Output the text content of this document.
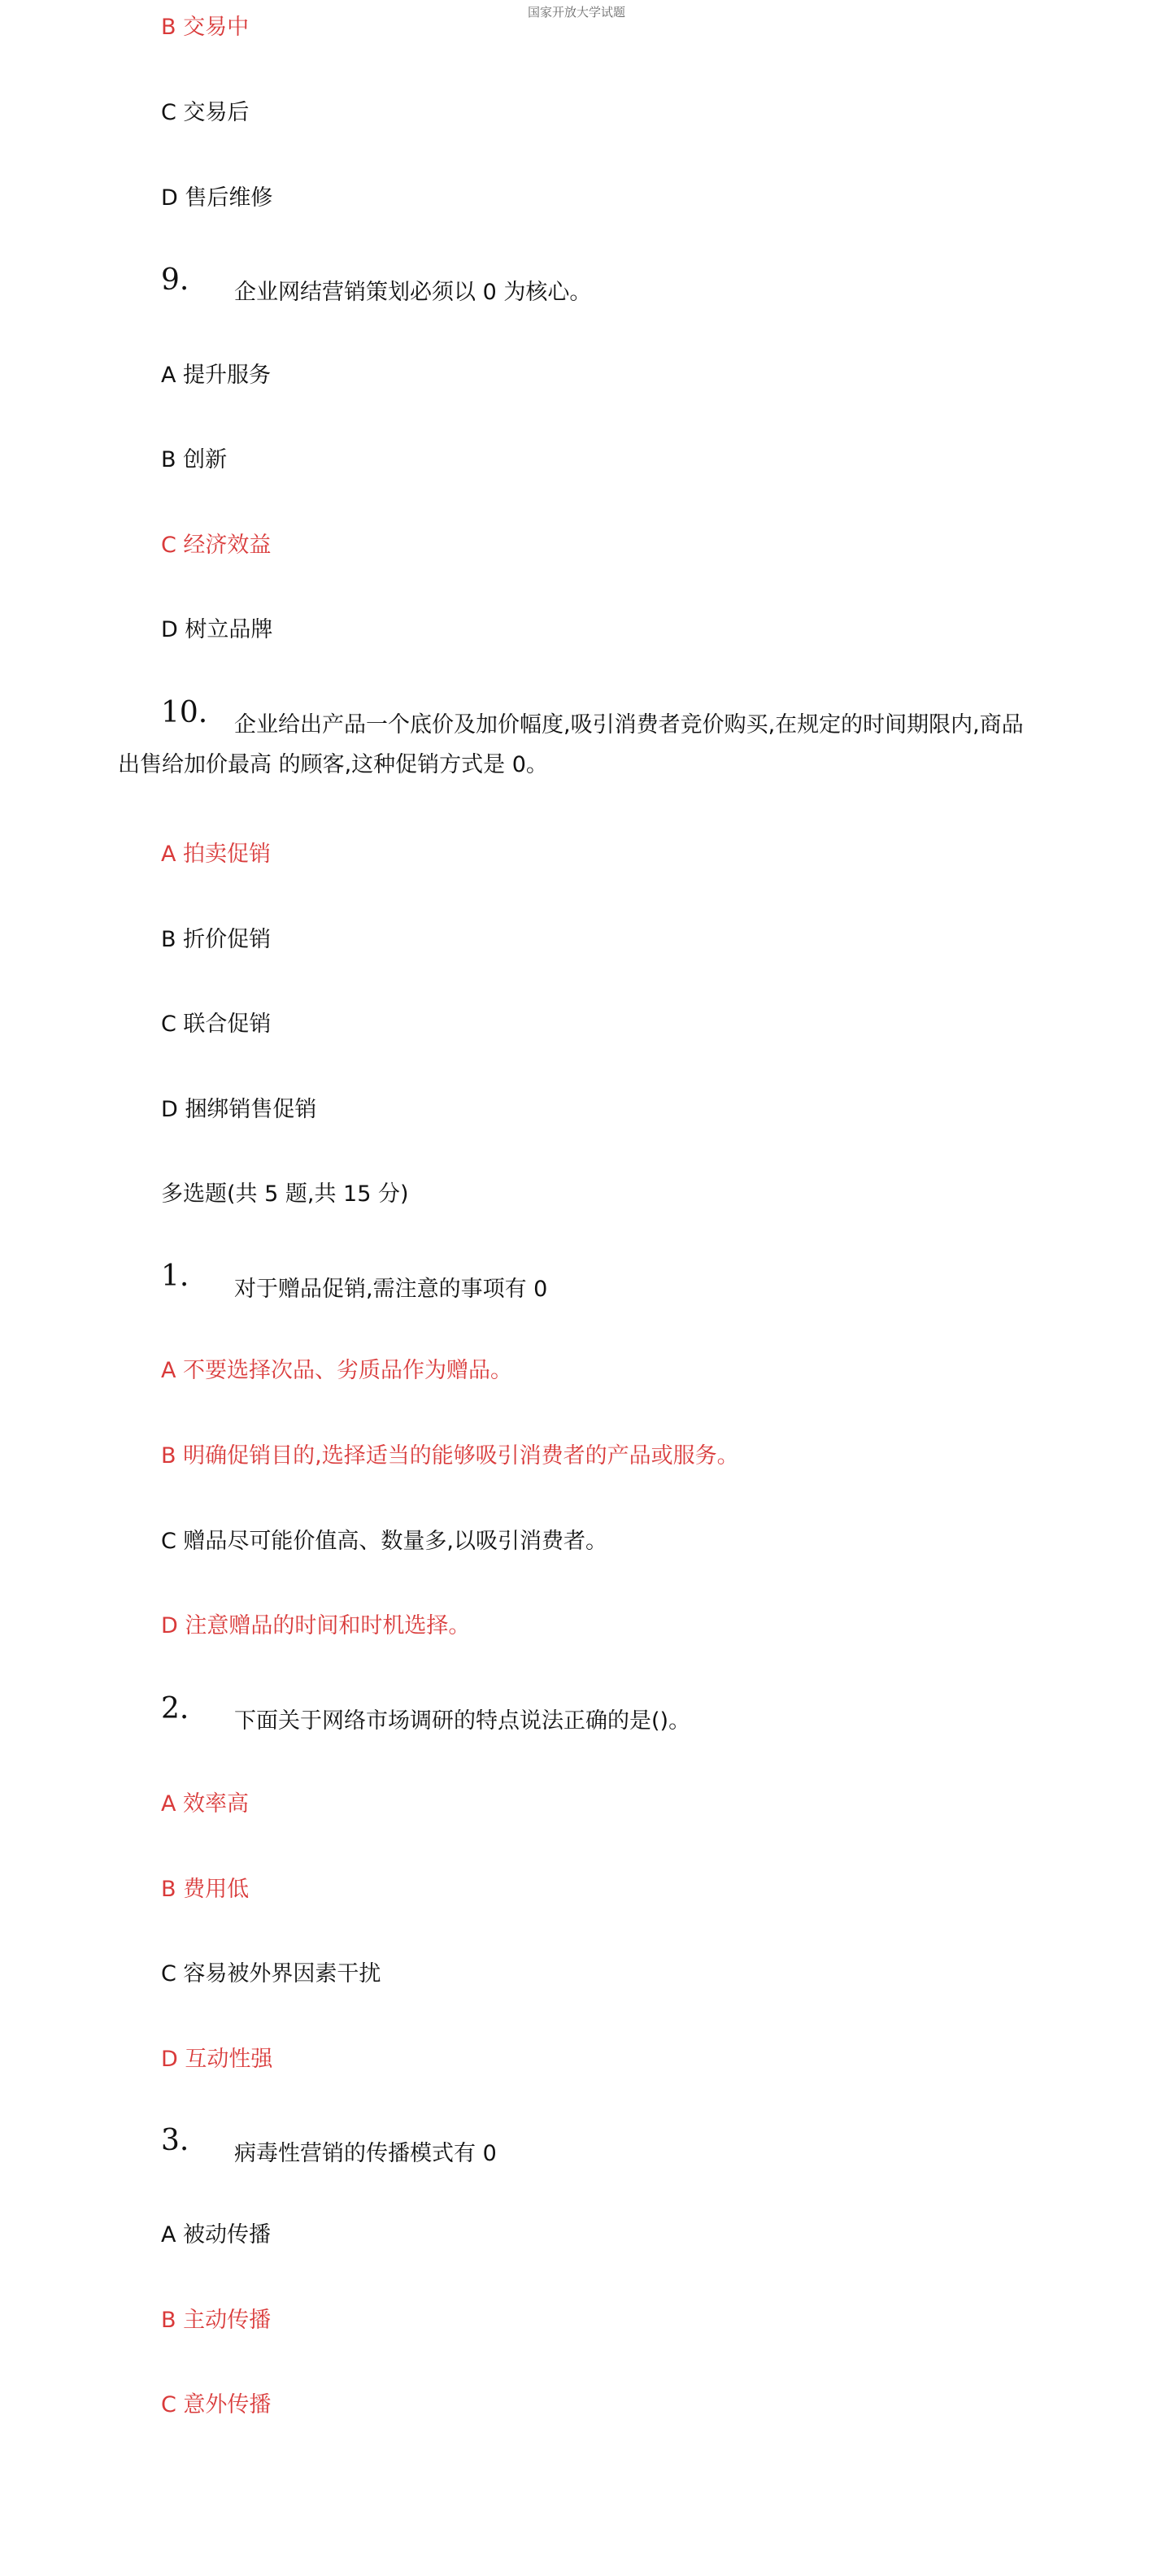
国家开放大学试题
B 交易中
C 交易后
D 售后维修
9. 企业网结营销策划必须以 0 为核心。
A 提升服务
B 创新
C 经济效益
D 树立品牌
10. 企业给出产品一个底价及加价幅度,吸引消费者竞价购买,在规定的时间期限内,商品
出售给加价最高 的顾客,这种促销方式是 0。
A 拍卖促销
B 折价促销
C 联合促销
D 捆绑销售促销
多选题(共 5 题,共 15 分)
1. 对于赠品促销,需注意的事项有 0
A 不要选择次品、劣质品作为赠品。
B 明确促销目的,选择适当的能够吸引消费者的产品或服务。
C 赠品尽可能价值高、数量多,以吸引消费者。
D 注意赠品的时间和时机选择。
2. 下面关于网络市场调研的特点说法正确的是()。
A 效率高
B 费用低
C 容易被外界因素干扰
D 互动性强
3. 病毒性营销的传播模式有 0
A 被动传播
B 主动传播
C 意外传播
